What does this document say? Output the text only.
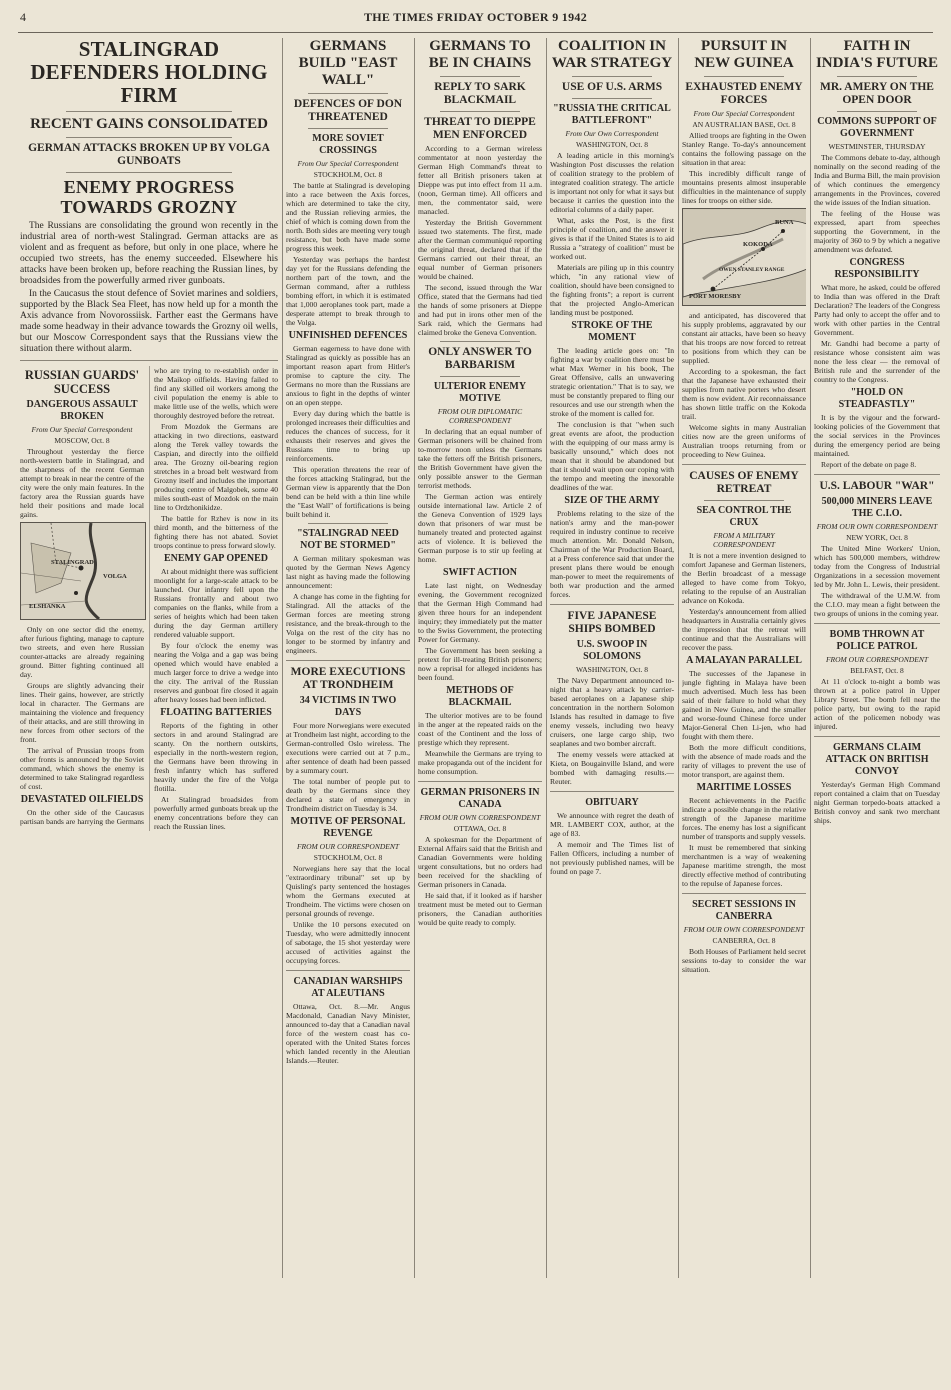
4	THE TIMES FRIDAY OCTOBER 9 1942
STALINGRAD DEFENDERS HOLDING FIRM
RECENT GAINS CONSOLIDATED
GERMAN ATTACKS BROKEN UP BY VOLGA GUNBOATS
ENEMY PROGRESS TOWARDS GROZNY

The Russians are consolidating the ground won recently in the industrial area of north-west Stalingrad. German attacks are as violent and as frequent as before, but only in one place, where he occupied two streets, has the enemy succeeded. Elsewhere his attacks have been broken up, before reaching the Russian lines, by broadsides from the powerfully armed river gunboats.

In the Caucasus the stout defence of Soviet marines and soldiers, supported by the Black Sea Fleet, has now held up for a month the Axis advance from Novorossiisk. Farther east the Germans have made some headway in their advance towards the Grozny oil wells, but our Moscow Correspondent says that the Russians view the situation there without alarm.

RUSSIAN GUARDS' SUCCESS
DANGEROUS ASSAULT BROKEN
From Our Special Correspondent
MOSCOW, Oct. 8

Throughout yesterday the fierce north-western battle in Stalingrad, and the sharpness of the recent German attempt to break in near the centre of the city were the only main features. In the factory area the Russian guards have held their positions and made local gains.

STALINGRAD
VOLGA
ELSHANKA

Only on one sector did the enemy, after furious fighting, manage to capture two streets, and even here Russian counter-attacks are already regaining ground. Bitter fighting continued all day.

Groups are slightly advancing their lines. Their gains, however, are strictly local in character. The Germans are maintaining the violence and frequency of their attacks, and are still throwing in new forces from other sectors of the front.

The arrival of Prussian troops from other fronts is announced by the Soviet command, which shows the enemy is determined to take Stalingrad regardless of cost.

DEVASTATED OILFIELDS

On the other side of the Caucasus partisan bands are harrying the Germans who are trying to re-establish order in the Maikop oilfields. Having failed to find any skilled oil workers among the civil population the enemy is able to make little use of the wells, which were thoroughly destroyed before the retreat.

From Mozdok the Germans are attacking in two directions, eastward along the Terek valley towards the Caspian, and directly into the oilfield area. The Grozny oil-bearing region stretches in a broad belt westward from Grozny itself and includes the important producing centre of Malgobek, some 40 miles south-east of Mozdok on the main line to Ordzhonikidze.

The battle for Rzhev is now in its third month, and the bitterness of the fighting there has not abated. Soviet troops continue to press forward slowly.

ENEMY GAP OPENED

At about midnight there was sufficient moonlight for a large-scale attack to be launched. Our infantry fell upon the Russians frontally and about two companies on the flanks, while from a series of heights which had been taken during the day German artillery rendered valuable support.

By four o'clock the enemy was nearing the Volga and a gap was being opened which would have enabled a much larger force to drive a wedge into the city. The arrival of the Russian reserves and gunboat fire closed it again after heavy losses had been inflicted.

FLOATING BATTERIES

Reports of the fighting in other sectors in and around Stalingrad are scanty. On the northern outskirts, especially in the north-western region, the Germans have been throwing in fresh infantry which has suffered heavily under the fire of the Volga flotilla.

At Stalingrad broadsides from powerfully armed gunboats break up the enemy concentrations before they can reach the Russian lines.

GERMANS BUILD "EAST WALL"
DEFENCES OF DON THREATENED
MORE SOVIET CROSSINGS
From Our Special Correspondent
STOCKHOLM, Oct. 8

The battle at Stalingrad is developing into a race between the Axis forces, which are determined to take the city, and the Russian relieving armies, the chief of which is coming down from the north. Both sides are meeting very tough resistance, but both have made some progress this week.

Yesterday was perhaps the hardest day yet for the Russians defending the northern part of the town, and the German command, after a ruthless bombing effort, in which it is estimated that 1,000 aeroplanes took part, made a desperate attempt to break through to the Volga.

UNFINISHED DEFENCES

German eagerness to have done with Stalingrad as quickly as possible has an important reason apart from Hitler's promise to capture the city. The Germans no more than the Russians are anxious to fight in the depths of winter on an open steppe.

Every day during which the battle is prolonged increases their difficulties and reduces the chances of success, for it exhausts their reserves and gives the Russians time to bring up reinforcements.

This operation threatens the rear of the forces attacking Stalingrad, but the German view is apparently that the Don bend can be held with a thin line while the "East Wall" of fortifications is being built behind it.

"STALINGRAD NEED NOT BE STORMED"

A German military spokesman was quoted by the German News Agency last night as having made the following announcement:

A change has come in the fighting for Stalingrad. All the attacks of the German forces are meeting strong resistance, and the break-through to the Volga on the rest of the city has no longer to be stormed by infantry and engineers.

MORE EXECUTIONS AT TRONDHEIM
34 VICTIMS IN TWO DAYS

Four more Norwegians were executed at Trondheim last night, according to the German-controlled Oslo wireless. The executions were carried out at 7 p.m., after sentence of death had been passed by a summary court.

The total number of people put to death by the Germans since they declared a state of emergency in Trondheim district on Tuesday is 34.

MOTIVE OF PERSONAL REVENGE
FROM OUR CORRESPONDENT
STOCKHOLM, Oct. 8

Norwegians here say that the local "extraordinary tribunal" set up by Quisling's party sentenced the hostages whom the Germans executed at Trondheim. The victims were chosen on personal grounds of revenge.

Unlike the 10 persons executed on Tuesday, who were admittedly innocent of sabotage, the 15 shot yesterday were accused of activities against the occupying forces.

CANADIAN WARSHIPS AT ALEUTIANS

Ottawa, Oct. 8.—Mr. Angus Macdonald, Canadian Navy Minister, announced to-day that a Canadian naval force of the western coast has co-operated with the United States forces which landed recently in the Aleutian Islands.—Reuter.

GERMANS TO BE IN CHAINS
REPLY TO SARK BLACKMAIL
THREAT TO DIEPPE MEN ENFORCED

According to a German wireless commentator at noon yesterday the German High Command's threat to fetter all British prisoners taken at Dieppe was put into effect from 11 a.m. (noon, German time). All officers and men, the commentator said, were manacled.

Yesterday the British Government issued two statements. The first, made after the German communiqué reporting the original threat, declared that if the Germans carried out their threat, an equal number of German prisoners would be chained.

The second, issued through the War Office, stated that the Germans had tied the hands of some prisoners at Dieppe and had put in irons other men of the Sark raid, which the Germans had claimed broke the Geneva Convention.

ONLY ANSWER TO BARBARISM
ULTERIOR ENEMY MOTIVE
FROM OUR DIPLOMATIC CORRESPONDENT

In declaring that an equal number of German prisoners will be chained from to-morrow noon unless the Germans take the fetters off the British prisoners, the British Government have given the only possible answer to the German terrorist methods.

The German action was entirely outside international law. Article 2 of the Geneva Convention of 1929 lays down that prisoners of war must be humanely treated and protected against acts of violence. It is believed the German purpose is to stir up feeling at home.

SWIFT ACTION

Late last night, on Wednesday evening, the Government recognized that the German High Command had given three hours for an independent inquiry; they immediately put the matter to the Swiss Government, the protecting Power for Germany.

The Government has been seeking a pretext for ill-treating British prisoners; now a reprisal for alleged incidents has been found.

METHODS OF BLACKMAIL

The ulterior motives are to be found in the anger at the repeated raids on the coast of the Continent and the loss of prestige which they represent.

Meanwhile the Germans are trying to make propaganda out of the incident for home consumption.

GERMAN PRISONERS IN CANADA
FROM OUR OWN CORRESPONDENT
OTTAWA, Oct. 8

A spokesman for the Department of External Affairs said that the British and Canadian Governments were holding urgent consultations, but no orders had been received for the shackling of German prisoners in Canada.

He said that, if it looked as if harsher treatment must be meted out to German prisoners, the Canadian authorities would be quite ready to comply.

COALITION IN WAR STRATEGY
USE OF U.S. ARMS
"RUSSIA THE CRITICAL BATTLEFRONT"
From Our Own Correspondent
WASHINGTON, Oct. 8

A leading article in this morning's Washington Post discusses the relation of coalition strategy to the problem of integrated coalition strategy. The article is important not only for what it says but because it carries the question into the editorial columns of a daily paper.

What, asks the Post, is the first principle of coalition, and the answer it gives is that if the United States is to aid Russia a "strategy of coalition" must be worked out.

Materials are piling up in this country which, "in any rational view of coalition, should have been consigned to the fighting fronts"; a report is current that the projected Anglo-American landing must be postponed.

STROKE OF THE MOMENT

The leading article goes on: "In fighting a war by coalition there must be what Max Werner in his book, The Great Offensive, calls an unwavering strategic orientation." That is to say, we must be constantly prepared to fling our resources and use our strength when the stroke of the moment is called for.

The conclusion is that "when such great events are afoot, the production with the equipping of our mass army is basically unsound," which does not mean that it should be abandoned but that it should wait upon our coping with the tempo and meeting the inexorable deadlines of the war.

SIZE OF THE ARMY

Problems relating to the size of the nation's army and the man-power required in industry continue to receive much attention. Mr. Donald Nelson, Chairman of the War Production Board, at a Press conference said that under the present plans there would be enough man-power to meet the requirements of both war production and the armed forces.

FIVE JAPANESE SHIPS BOMBED
U.S. SWOOP IN SOLOMONS
WASHINGTON, Oct. 8

The Navy Department announced to-night that a heavy attack by carrier-based aeroplanes on a Japanese ship concentration in the northern Solomon Islands has resulted in damage to five enemy vessels, including two heavy cruisers, one large cargo ship, two seaplanes and two bomber aircraft.

The enemy vessels were attacked at Kieta, on Bougainville Island, and were bombed with damaging results.—Reuter.

OBITUARY

We announce with regret the death of MR. LAMBERT COX, author, at the age of 83.

A memoir and The Times list of Fallen Officers, including a number of not previously published names, will be found on page 7.

PURSUIT IN NEW GUINEA
EXHAUSTED ENEMY FORCES
From Our Special Correspondent
AN AUSTRALIAN BASE, Oct. 8

Allied troops are fighting in the Owen Stanley Range. To-day's announcement contains the following passage on the situation in that area:

This incredibly difficult range of mountains presents almost insuperable difficulties in the maintenance of supply lines for troops on either side.

BUNA
KOKODA
PORT MORESBY
OWEN STANLEY RANGE

and anticipated, has discovered that his supply problems, aggravated by our constant air attacks, have been so heavy that his troops are now forced to retreat to positions from which they can be supplied.

According to a spokesman, the fact that the Japanese have exhausted their supplies from native porters who desert them is now evident. Air reconnaissance has shown little traffic on the Kokoda trail.

Welcome sights in many Australian cities now are the green uniforms of Australian troops returning from or proceeding to New Guinea.

CAUSES OF ENEMY RETREAT
SEA CONTROL THE CRUX
FROM A MILITARY CORRESPONDENT

It is not a mere invention designed to comfort Japanese and German listeners, the Berlin broadcast of a message alleged to have come from Tokyo, relating to the repulse of an Australian advance on Kokoda.

Yesterday's announcement from allied headquarters in Australia certainly gives the impression that the retreat will continue and that the Australians will recover the pass.

A MALAYAN PARALLEL

The successes of the Japanese in jungle fighting in Malaya have been much advertised. Much less has been said of their failure to hold what they gained in New Guinea, and the smaller and worse-found Chinese force under Major-General Chen Li-jen, who had fought with them there.

Both the more difficult conditions, with the absence of made roads and the rarity of villages to prevent the use of motor transport, are against them.

MARITIME LOSSES

Recent achievements in the Pacific indicate a possible change in the relative strength of the Japanese maritime forces. The enemy has lost a significant number of transports and supply vessels.

It must be remembered that sinking merchantmen is a way of weakening Japanese maritime strength, the most directly effective method of contributing to the repulse of Japanese forces.

SECRET SESSIONS IN CANBERRA
FROM OUR OWN CORRESPONDENT
CANBERRA, Oct. 8

Both Houses of Parliament held secret sessions to-day to consider the war situation.

FAITH IN INDIA'S FUTURE
MR. AMERY ON THE OPEN DOOR
COMMONS SUPPORT OF GOVERNMENT
WESTMINSTER, THURSDAY

The Commons debate to-day, although nominally on the second reading of the India and Burma Bill, the main provision of which continues the emergency arrangements in the Provinces, covered the wide issues of the Indian situation.

The feeling of the House was expressed, apart from speeches supporting the Government, in the majority of 360 to 9 by which a negative amendment was defeated.

CONGRESS RESPONSIBILITY

What more, he asked, could be offered to India than was offered in the Draft Declaration? The leaders of the Congress Party had only to accept the offer and to work with other parties in the Central Government.

Mr. Gandhi had become a party of resistance whose consistent aim was none the less clear — the removal of British rule and the surrender of the country to the Congress.

"HOLD ON STEADFASTLY"

It is by the vigour and the forward-looking policies of the Government that the social services in the Provinces during the emergency period are being maintained.

Report of the debate on page 8.

U.S. LABOUR "WAR"
500,000 MINERS LEAVE THE C.I.O.
FROM OUR OWN CORRESPONDENT
NEW YORK, Oct. 8

The United Mine Workers' Union, which has 500,000 members, withdrew today from the Congress of Industrial Organizations in a secession movement led by Mr. John L. Lewis, their president.

The withdrawal of the U.M.W. from the C.I.O. may mean a fight between the two groups of unions in the coming year.

BOMB THROWN AT POLICE PATROL
FROM OUR CORRESPONDENT
BELFAST, Oct. 8

At 11 o'clock to-night a bomb was thrown at a police patrol in Upper Library Street. The bomb fell near the police party, but owing to the rapid action of the policemen nobody was injured.

GERMANS CLAIM ATTACK ON BRITISH CONVOY

Yesterday's German High Command report contained a claim that on Tuesday night German torpedo-boats attacked a British convoy and sank two merchant ships.
